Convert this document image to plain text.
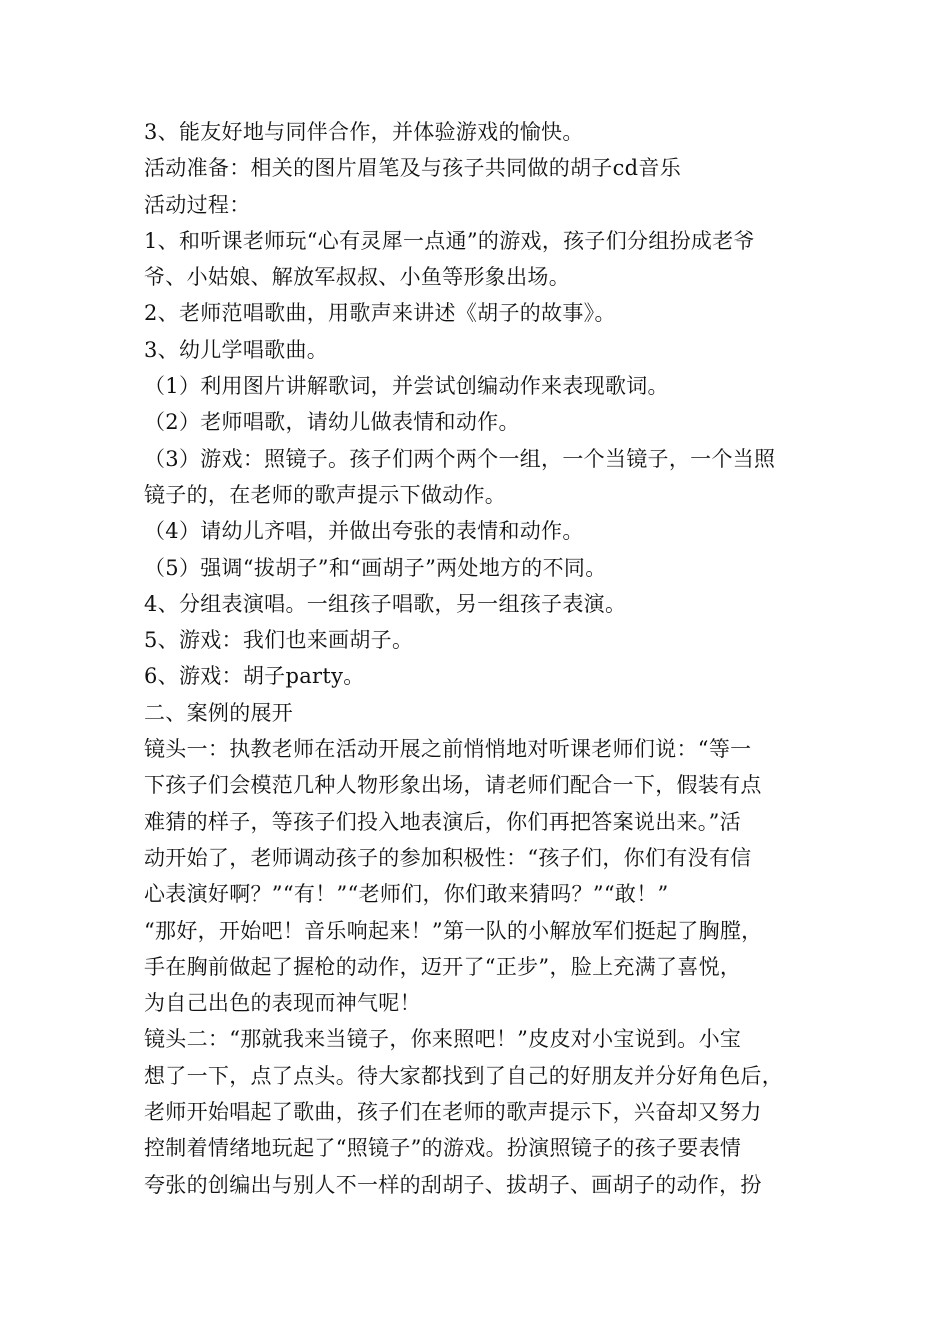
3、能友好地与同伴合作，并体验游戏的愉快。
活动准备：相关的图片眉笔及与孩子共同做的胡子cd音乐
活动过程：
1、和听课老师玩“心有灵犀一点通”的游戏，孩子们分组扮成老爷
爷、小姑娘、解放军叔叔、小鱼等形象出场。
2、老师范唱歌曲，用歌声来讲述《胡子的故事》。
3、幼儿学唱歌曲。
（1）利用图片讲解歌词，并尝试创编动作来表现歌词。
（2）老师唱歌，请幼儿做表情和动作。
（3）游戏：照镜子。孩子们两个两个一组，一个当镜子，一个当照
镜子的，在老师的歌声提示下做动作。
（4）请幼儿齐唱，并做出夸张的表情和动作。
（5）强调“拔胡子”和“画胡子”两处地方的不同。
4、分组表演唱。一组孩子唱歌，另一组孩子表演。
5、游戏：我们也来画胡子。
6、游戏：胡子party。
二、案例的展开
镜头一：执教老师在活动开展之前悄悄地对听课老师们说：“等一
下孩子们会模范几种人物形象出场，请老师们配合一下，假装有点
难猜的样子，等孩子们投入地表演后，你们再把答案说出来。”活
动开始了，老师调动孩子的参加积极性：“孩子们，你们有没有信
心表演好啊？”“有！”“老师们，你们敢来猜吗？”“敢！”
“那好，开始吧！音乐响起来！”第一队的小解放军们挺起了胸膛，
手在胸前做起了握枪的动作，迈开了“正步”，脸上充满了喜悦，
为自己出色的表现而神气呢！
镜头二：“那就我来当镜子，你来照吧！”皮皮对小宝说到。小宝
想了一下，点了点头。待大家都找到了自己的好朋友并分好角色后，
老师开始唱起了歌曲，孩子们在老师的歌声提示下，兴奋却又努力
控制着情绪地玩起了“照镜子”的游戏。扮演照镜子的孩子要表情
夸张的创编出与别人不一样的刮胡子、拔胡子、画胡子的动作，扮
